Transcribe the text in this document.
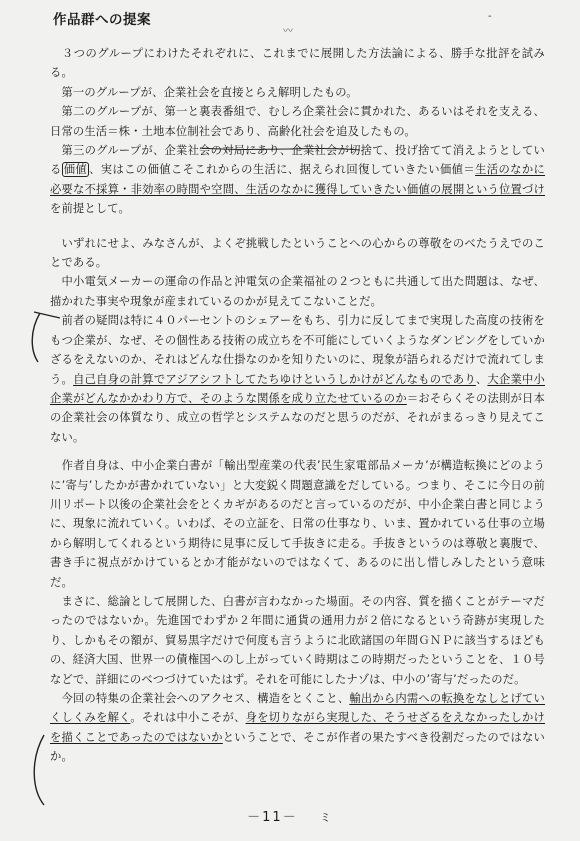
作品群への提案
〰
-

　３つのグループにわけたそれぞれに、これまでに展開した方法論による、勝手な批評を試みる。

　第一のグループが、企業社会を直接とらえ解明したもの。

　第二のグループが、第一と裏表番組で、むしろ企業社会に貫かれた、あるいはそれを支える、日常の生活＝株・土地本位制社会であり、高齢化社会を追及したもの。

　第三のグループが、企業社会の対局にあり、企業社会が切捨て、投げ捨てて消えようとしている 価値 、実はこの価値こそこれからの生活に、据えられ回復していきたい価値＝生活のなかに必要な不採算・非効率の時間や空間、生活のなかに獲得していきたい価値の展開という位置づけを前提として。

　いずれにせよ、みなさんが、よくぞ挑戦したということへの心からの尊敬をのべたうえでのことである。

　中小電気メーカーの運命の作品と沖電気の企業福祉の２つともに共通して出た問題は、なぜ、描かれた事実や現象が産まれているのかが見えてこないことだ。

　前者の疑問は特に４０パーセントのシェアーをもち、引力に反してまで実現した高度の技術をもつ企業が、なぜ、その個性ある技術の成立ちを不可能にしていくようなダンピングをしていかざるをえないのか、それはどんな仕掛なのかを知りたいのに、現象が語られるだけで流れてしまう。自己自身の計算でアジアシフトしてたちゆけというしかけがどんなものであり、大企業中小企業がどんなかかわり方で、そのような関係を成り立たせているのか＝おそらくその法則が日本の企業社会の体質なり、成立の哲学とシステムなのだと思うのだが、それがまるっきり見えてこない。

　作者自身は、中小企業白書が「輸出型産業の代表’民生家電部品メーカ’が構造転換にどのように’寄与’したかが書かれていない」と大変鋭く問題意識をだしている。つまり、そこに今日の前川リポート以後の企業社会をとくカギがあるのだと言っているのだが、中小企業白書と同じように、現象に流れていく。いわば、その立証を、日常の仕事なり、いま、置かれている仕事の立場から解明してくれるという期待に見事に反して手抜きに走る。手抜きというのは尊敬と裏腹で、書き手に視点がかけているとか才能がないのではなくて、あるのに出し惜しみしたという意味だ。

　まさに、総論として展開した、白書が言わなかった場面。その内容、質を描くことがテーマだったのではないか。先進国でわずか２年間に通貨の通用力が２倍になるという奇跡が実現したり、しかもその額が、貿易黒字だけで何度も言うように北欧諸国の年間ＧＮＰに該当するほどもの、経済大国、世界一の債権国へのし上がっていく時期はこの時期だったということを、１０号などで、詳細にのべつづけていたはず。それを可能にしたナゾは、中小の’寄与’だったのだ。

　今回の特集の企業社会へのアクセス、構造をとくこと、輸出から内需への転換をなしとげていくしくみを解く。それは中小こそが、身を切りながら実現した、そうせざるをえなかったしかけを描くことであったのではないかということで、そこが作者の果たすべき役割だったのではないか。

－11－ ミ
